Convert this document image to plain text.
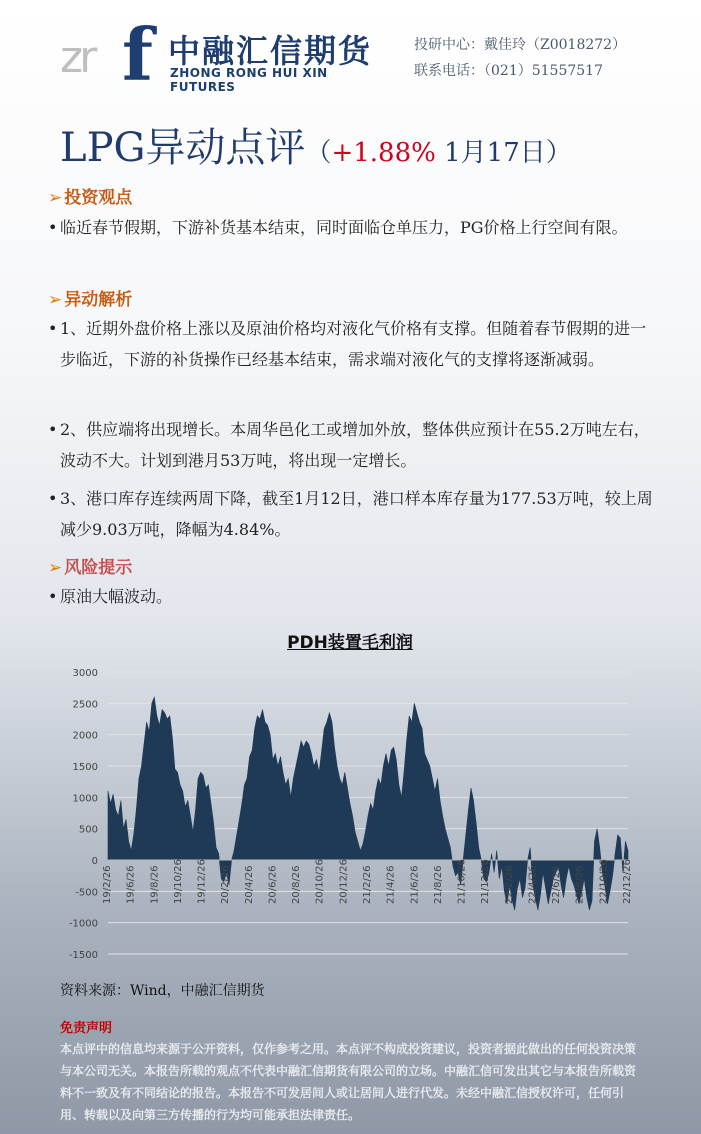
zr f 中融汇信期货
ZHONG RONG HUI XIN FUTURES
投研中心：戴佳玲（Z0018272）
联系电话：（021）51557517
LPG异动点评（+1.88% 1月17日）
➢ 投资观点
• 临近春节假期，下游补货基本结束，同时面临仓单压力，PG价格上行空间有限。
➢ 异动解析
• 1、近期外盘价格上涨以及原油价格均对液化气价格有支撑。但随着春节假期的进一步临近，下游的补货操作已经基本结束，需求端对液化气的支撑将逐渐减弱。
• 2、供应端将出现增长。本周华邑化工或增加外放，整体供应预计在55.2万吨左右，波动不大。计划到港月53万吨，将出现一定增长。
• 3、港口库存连续两周下降，截至1月12日，港口样本库存量为177.53万吨，较上周减少9.03万吨，降幅为4.84%。
➢ 风险提示
• 原油大幅波动。
PDH装置毛利润
3000
2500
2000
1500
1000
500
0
-500
-1000
-1500
19/2/26 19/6/26 19/8/26 19/10/26 19/12/26 20/2/26 20/4/26 20/6/26 20/8/26 20/10/26 20/12/26 21/2/26 21/4/26 21/6/26 21/8/26 21/10/26 21/12/26 22/2/26 22/4/26 22/6/26 22/8/26 22/10/26 22/12/26
资料来源：Wind，中融汇信期货
免责声明
本点评中的信息均来源于公开资料，仅作参考之用。本点评不构成投资建议，投资者据此做出的任何投资决策与本公司无关。本报告所载的观点不代表中融汇信期货有限公司的立场。中融汇信可发出其它与本报告所载资料不一致及有不同结论的报告。本报告不可发居间人或让居间人进行代发。未经中融汇信授权许可，任何引用、转载以及向第三方传播的行为均可能承担法律责任。
